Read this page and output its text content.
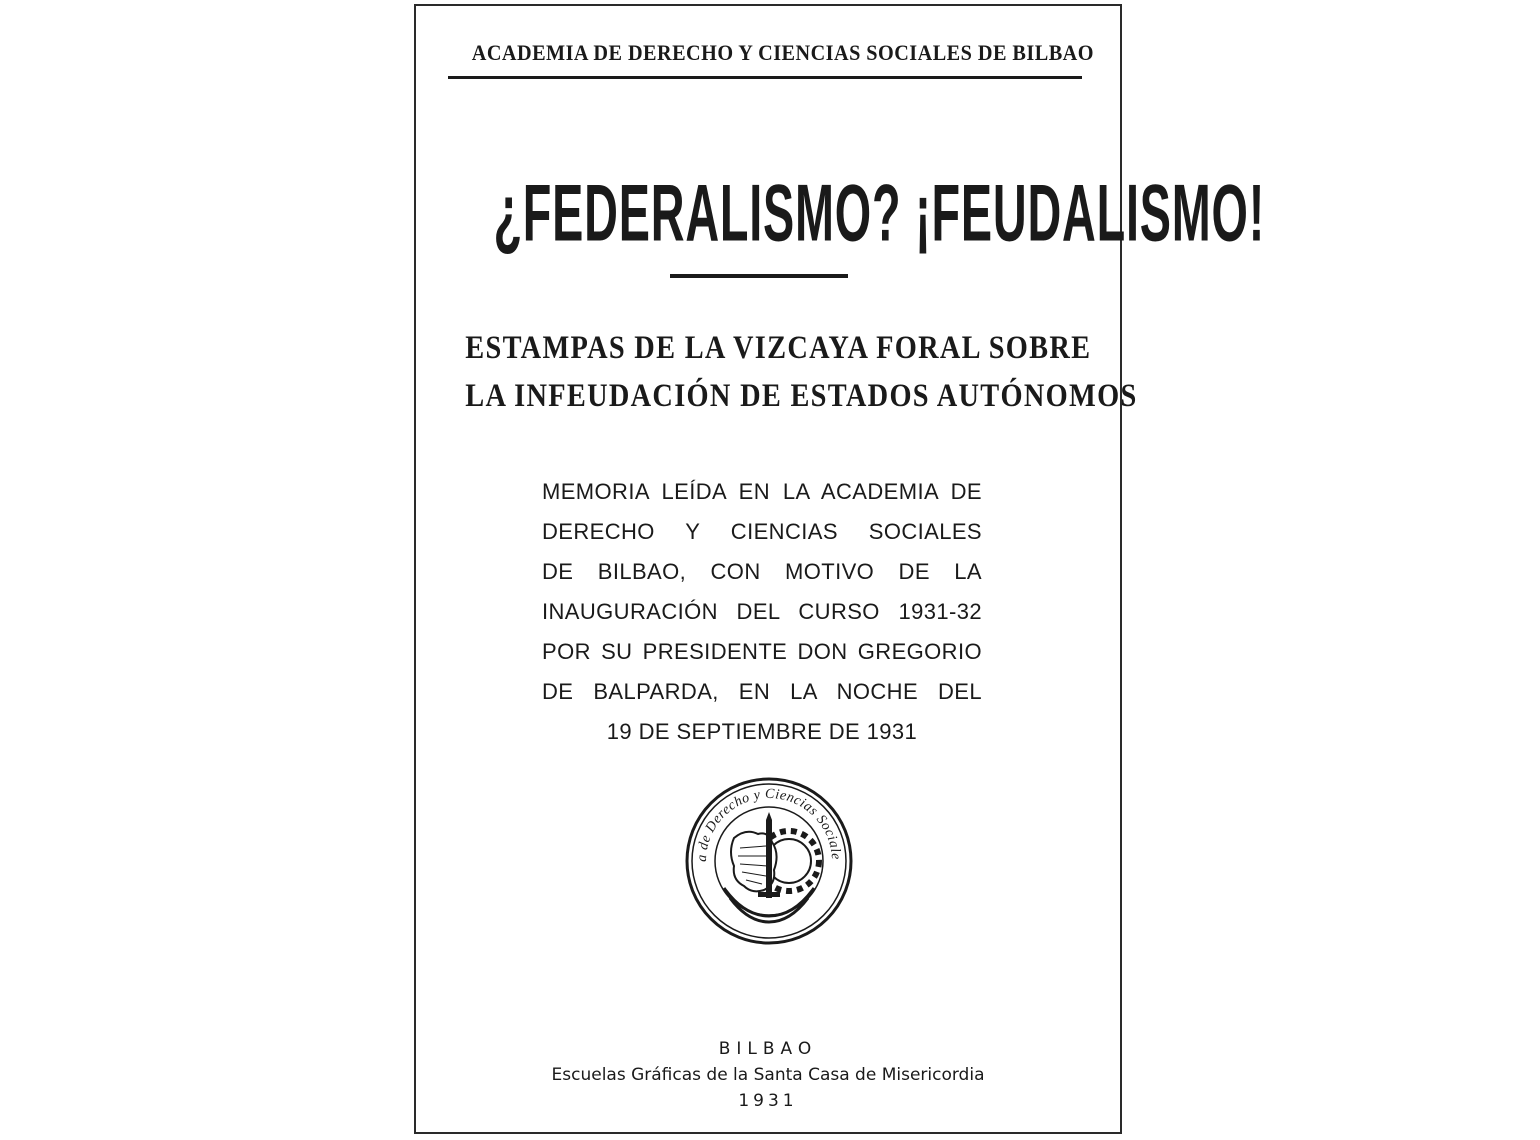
ACADEMIA DE DERECHO Y CIENCIAS SOCIALES DE BILBAO
¿FEDERALISMO? ¡FEUDALISMO!
ESTAMPAS DE LA VIZCAYA FORAL SOBRE
LA INFEUDACIÓN DE ESTADOS AUTÓNOMOS
MEMORIA LEÍDA EN LA ACADEMIA DE
DERECHO Y CIENCIAS SOCIALES
DE BILBAO, CON MOTIVO DE LA
INAUGURACIÓN DEL CURSO 1931-32
POR SU PRESIDENTE DON GREGORIO
DE BALPARDA, EN LA NOCHE DEL
19 DE SEPTIEMBRE DE 1931
a de Derecho y Ciencias Sociale
BILBAO
Escuelas Gráficas de la Santa Casa de Misericordia
1931
